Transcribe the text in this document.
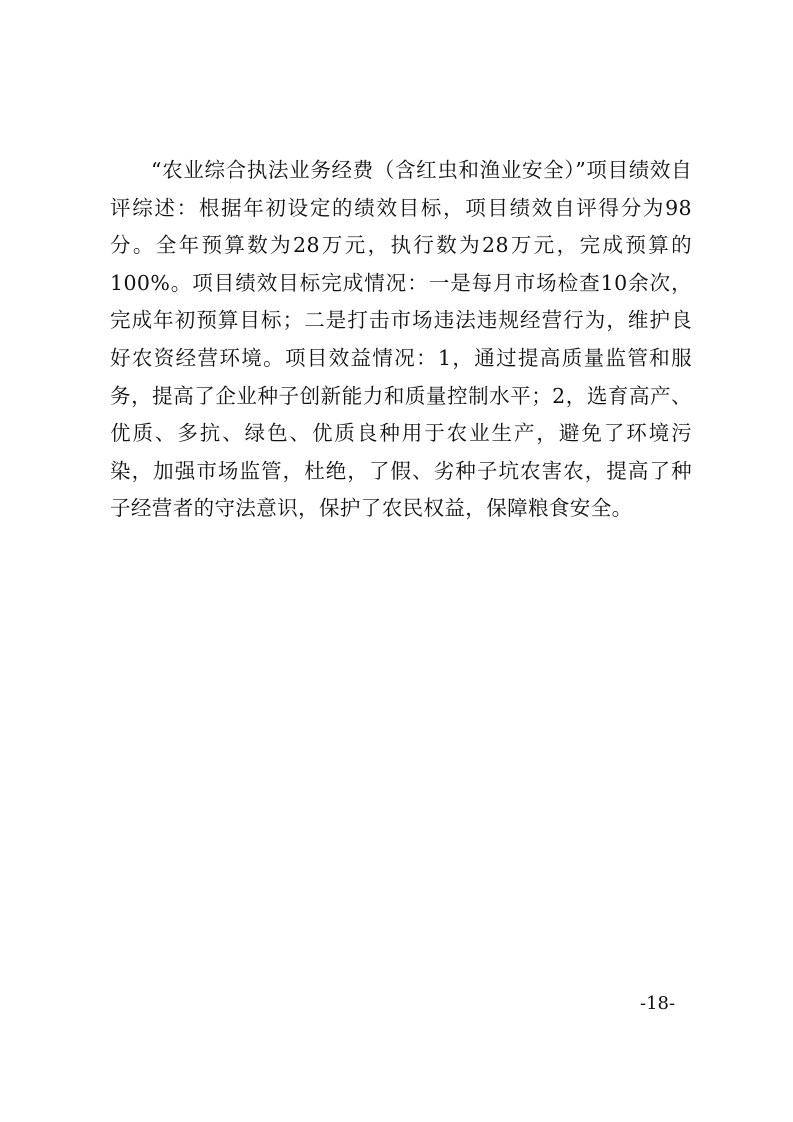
“农业综合执法业务经费（含红虫和渔业安全）”项目绩效自评综述：根据年初设定的绩效目标，项目绩效自评得分为98分。全年预算数为28万元，执行数为28万元，完成预算的100%。项目绩效目标完成情况：一是每月市场检查10余次，完成年初预算目标；二是打击市场违法违规经营行为，维护良好农资经营环境。项目效益情况：1，通过提高质量监管和服务，提高了企业种子创新能力和质量控制水平；2，选育高产、优质、多抗、绿色、优质良种用于农业生产，避免了环境污染，加强市场监管，杜绝，了假、劣种子坑农害农，提高了种子经营者的守法意识，保护了农民权益，保障粮食安全。

-18-
